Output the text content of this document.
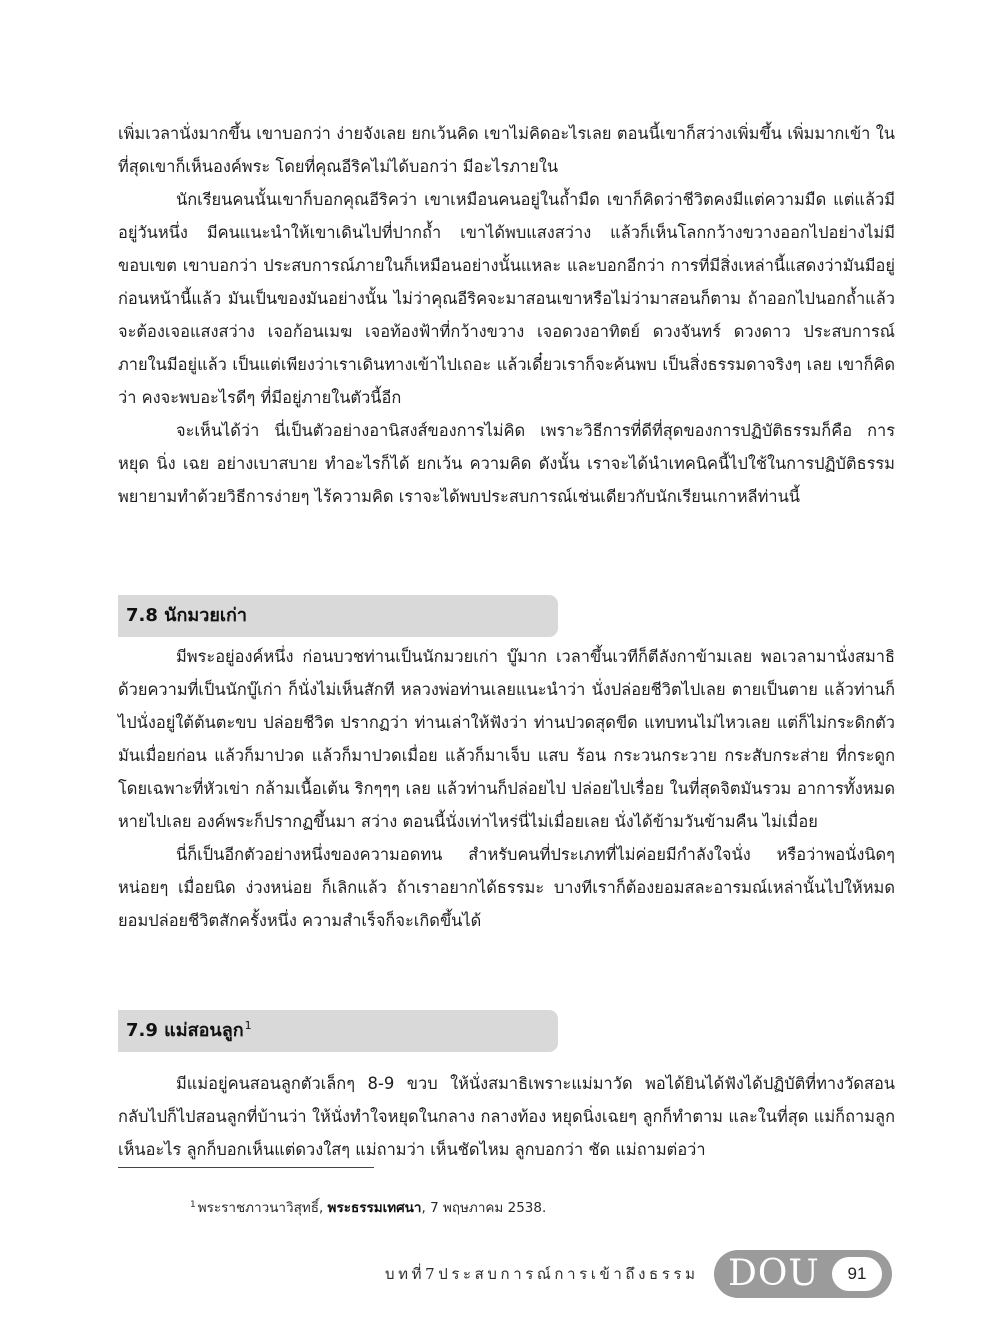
เพิ่มเวลานั่งมากขึ้น เขาบอกว่า ง่ายจังเลย ยกเว้นคิด เขาไม่คิดอะไรเลย ตอนนี้เขาก็สว่างเพิ่มขึ้น เพิ่มมากเข้า ในที่สุดเขาก็เห็นองค์พระ โดยที่คุณอีริคไม่ได้บอกว่า มีอะไรภายใน

นักเรียนคนนั้นเขาก็บอกคุณอีริคว่า เขาเหมือนคนอยู่ในถ้ำมืด เขาก็คิดว่าชีวิตคงมีแต่ความมืด แต่แล้วมีอยู่วันหนึ่ง มีคนแนะนำให้เขาเดินไปที่ปากถ้ำ เขาได้พบแสงสว่าง แล้วก็เห็นโลกกว้างขวางออกไปอย่างไม่มีขอบเขต เขาบอกว่า ประสบการณ์ภายในก็เหมือนอย่างนั้นแหละ และบอกอีกว่า การที่มีสิ่งเหล่านี้แสดงว่ามันมีอยู่ก่อนหน้านี้แล้ว มันเป็นของมันอย่างนั้น ไม่ว่าคุณอีริคจะมาสอนเขาหรือไม่ว่ามาสอนก็ตาม ถ้าออกไปนอกถ้ำแล้วจะต้องเจอแสงสว่าง เจอก้อนเมฆ เจอท้องฟ้าที่กว้างขวาง เจอดวงอาทิตย์ ดวงจันทร์ ดวงดาว ประสบการณ์ภายในมีอยู่แล้ว เป็นแต่เพียงว่าเราเดินทางเข้าไปเถอะ แล้วเดี๋ยวเราก็จะค้นพบ เป็นสิ่งธรรมดาจริงๆ เลย เขาก็คิดว่า คงจะพบอะไรดีๆ ที่มีอยู่ภายในตัวนี้อีก

จะเห็นได้ว่า นี่เป็นตัวอย่างอานิสงส์ของการไม่คิด เพราะวิธีการที่ดีที่สุดของการปฏิบัติธรรมก็คือ การหยุด นิ่ง เฉย อย่างเบาสบาย ทำอะไรก็ได้ ยกเว้น ความคิด ดังนั้น เราจะได้นำเทคนิคนี้ไปใช้ในการปฏิบัติธรรม พยายามทำด้วยวิธีการง่ายๆ ไร้ความคิด เราจะได้พบประสบการณ์เช่นเดียวกับนักเรียนเกาหลีท่านนี้

7.8 นักมวยเก่า

มีพระอยู่องค์หนึ่ง ก่อนบวชท่านเป็นนักมวยเก่า บู๊มาก เวลาขึ้นเวทีก็ตีลังกาข้ามเลย พอเวลามานั่งสมาธิ ด้วยความที่เป็นนักบู๊เก่า ก็นั่งไม่เห็นสักที หลวงพ่อท่านเลยแนะนำว่า นั่งปล่อยชีวิตไปเลย ตายเป็นตาย แล้วท่านก็ไปนั่งอยู่ใต้ต้นตะขบ ปล่อยชีวิต ปรากฏว่า ท่านเล่าให้ฟังว่า ท่านปวดสุดขีด แทบทนไม่ไหวเลย แต่ก็ไม่กระดิกตัว มันเมื่อยก่อน แล้วก็มาปวด แล้วก็มาปวดเมื่อย แล้วก็มาเจ็บ แสบ ร้อน กระวนกระวาย กระสับกระส่าย ที่กระดูกโดยเฉพาะที่หัวเข่า กล้ามเนื้อเต้น ริกๆๆๆ เลย แล้วท่านก็ปล่อยไป ปล่อยไปเรื่อย ในที่สุดจิตมันรวม อาการทั้งหมดหายไปเลย องค์พระก็ปรากฏขึ้นมา สว่าง ตอนนี้นั่งเท่าไหร่นี่ไม่เมื่อยเลย นั่งได้ข้ามวันข้ามคืน ไม่เมื่อย

นี่ก็เป็นอีกตัวอย่างหนึ่งของความอดทน สำหรับคนที่ประเภทที่ไม่ค่อยมีกำลังใจนั่ง หรือว่าพอนั่งนิดๆ หน่อยๆ เมื่อยนิด ง่วงหน่อย ก็เลิกแล้ว ถ้าเราอยากได้ธรรมะ บางทีเราก็ต้องยอมสละอารมณ์เหล่านั้นไปให้หมด ยอมปล่อยชีวิตสักครั้งหนึ่ง ความสำเร็จก็จะเกิดขึ้นได้

7.9 แม่สอนลูก$^1$

มีแม่อยู่คนสอนลูกตัวเล็กๆ 8-9 ขวบ ให้นั่งสมาธิเพราะแม่มาวัด พอได้ยินได้ฟังได้ปฏิบัติที่ทางวัดสอน กลับไปก็ไปสอนลูกที่บ้านว่า ให้นั่งทำใจหยุดในกลาง กลางท้อง หยุดนิ่งเฉยๆ ลูกก็ทำตาม และในที่สุด แม่ก็ถามลูกเห็นอะไร ลูกก็บอกเห็นแต่ดวงใสๆ แม่ถามว่า เห็นชัดไหม ลูกบอกว่า ชัด แม่ถามต่อว่า

$^1$ พระราชภาวนาวิสุทธิ์, พระธรรมเทศนา, 7 พฤษภาคม 2538.
บทที่7ประสบการณ์การเข้าถึงธรรม DOU	91
